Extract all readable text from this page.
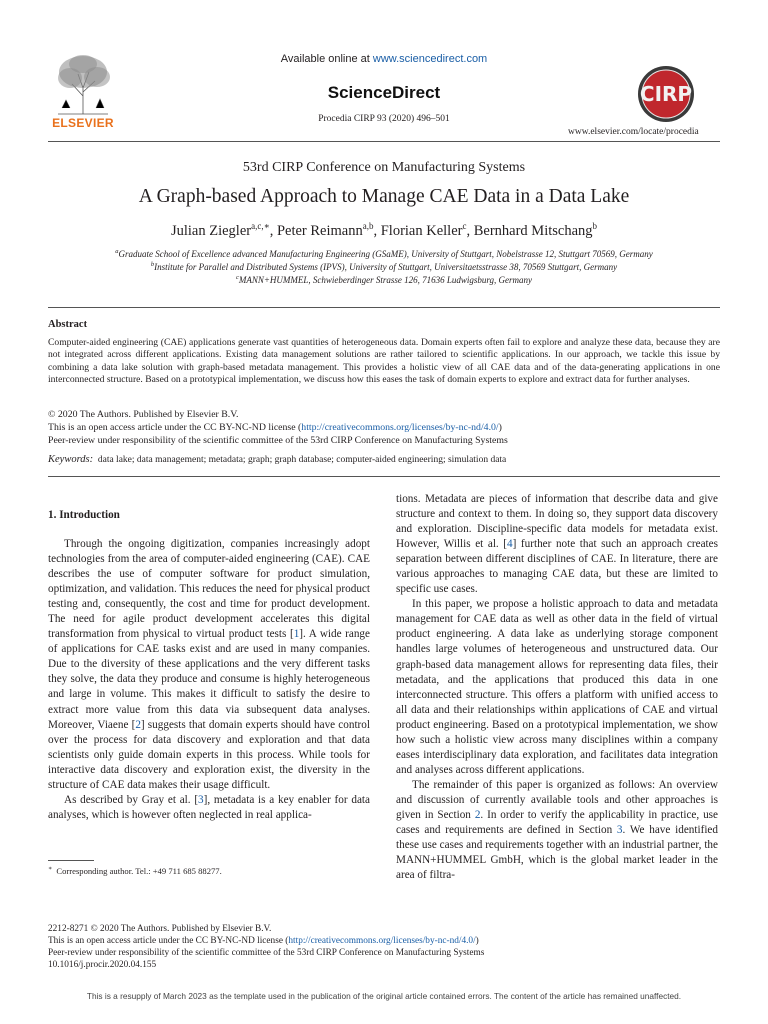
ELSEVIER
Available online at www.sciencedirect.com
ScienceDirect
Procedia CIRP 93 (2020) 496–501
CIRP
www.elsevier.com/locate/procedia
53rd CIRP Conference on Manufacturing Systems
A Graph-based Approach to Manage CAE Data in a Data Lake
Julian Ziegler$^{a,c,∗}$, Peter Reimann$^{a,b}$, Florian Keller$^c$, Bernhard Mitschang$^b$
$^a$Graduate School of Excellence advanced Manufacturing Engineering (GSaME), University of Stuttgart, Nobelstrasse 12, Stuttgart 70569, Germany
$^b$Institute for Parallel and Distributed Systems (IPVS), University of Stuttgart, Universitaetsstrasse 38, 70569 Stuttgart, Germany
$^c$MANN+HUMMEL, Schwieberdinger Strasse 126, 71636 Ludwigsburg, Germany
Abstract
Computer-aided engineering (CAE) applications generate vast quantities of heterogeneous data. Domain experts often fail to explore and analyze these data, because they are not integrated across different applications. Existing data management solutions are rather tailored to scientific applications. In our approach, we tackle this issue by combining a data lake solution with graph-based metadata management. This provides a holistic view of all CAE data and of the data-generating applications in one interconnected structure. Based on a prototypical implementation, we discuss how this eases the task of domain experts to explore and extract data for further analyses.
© 2020 The Authors. Published by Elsevier B.V.
This is an open access article under the CC BY-NC-ND license (http://creativecommons.org/licenses/by-nc-nd/4.0/)
Peer-review under responsibility of the scientific committee of the 53rd CIRP Conference on Manufacturing Systems
Keywords: data lake; data management; metadata; graph; graph database; computer-aided engineering; simulation data
1. Introduction

Through the ongoing digitization, companies increasingly adopt technologies from the area of computer-aided engineering (CAE). CAE describes the use of computer software for product simulation, optimization, and validation. This reduces the need for physical product testing and, consequently, the cost and time for product development. The need for agile product development accelerates this digital transformation from physical to virtual product tests [1]. A wide range of applications for CAE tasks exist and are used in many companies. Due to the diversity of these applications and the very different tasks they solve, the data they produce and consume is highly heterogeneous and large in volume. This makes it difficult to satisfy the desire to extract more value from this data via subsequent data analyses. Moreover, Viaene [2] suggests that domain experts should have control over the process for data discovery and exploration and that data scientists only guide domain experts in this process. While tools for interactive data discovery and exploration exist, the diversity in the structure of CAE data makes their usage difficult.

As described by Gray et al. [3], metadata is a key enabler for data analyses, which is however often neglected in real applica-

tions. Metadata are pieces of information that describe data and give structure and context to them. In doing so, they support data discovery and exploration. Discipline-specific data models for metadata exist. However, Willis et al. [4] further note that such an approach creates separation between different disciplines of CAE. In literature, there are various approaches to managing CAE data, but these are limited to specific use cases.

In this paper, we propose a holistic approach to data and metadata management for CAE data as well as other data in the field of virtual product engineering. A data lake as underlying storage component handles large volumes of heterogeneous and unstructured data. Our graph-based data management allows for representing data files, their metadata, and the applications that produced this data in one interconnected structure. This offers a platform with unified access to all data and their relationships within applications of CAE and virtual product engineering. Based on a prototypical implementation, we show how such a holistic view across many disciplines within a company eases interdisciplinary data exploration, and facilitates data integration and analyses across different applications.

The remainder of this paper is organized as follows: An overview and discussion of currently available tools and other approaches is given in Section 2. In order to verify the applicability in practice, use cases and requirements are defined in Section 3. We have identified these use cases and requirements together with an industrial partner, the MANN+HUMMEL GmbH, which is the global market leader in the area of filtra-

∗ Corresponding author. Tel.: +49 711 685 88277.
2212-8271 © 2020 The Authors. Published by Elsevier B.V.
This is an open access article under the CC BY-NC-ND license (http://creativecommons.org/licenses/by-nc-nd/4.0/)
Peer-review under responsibility of the scientific committee of the 53rd CIRP Conference on Manufacturing Systems
10.1016/j.procir.2020.04.155
This is a resupply of March 2023 as the template used in the publication of the original article contained errors. The content of the article has remained unaffected.
